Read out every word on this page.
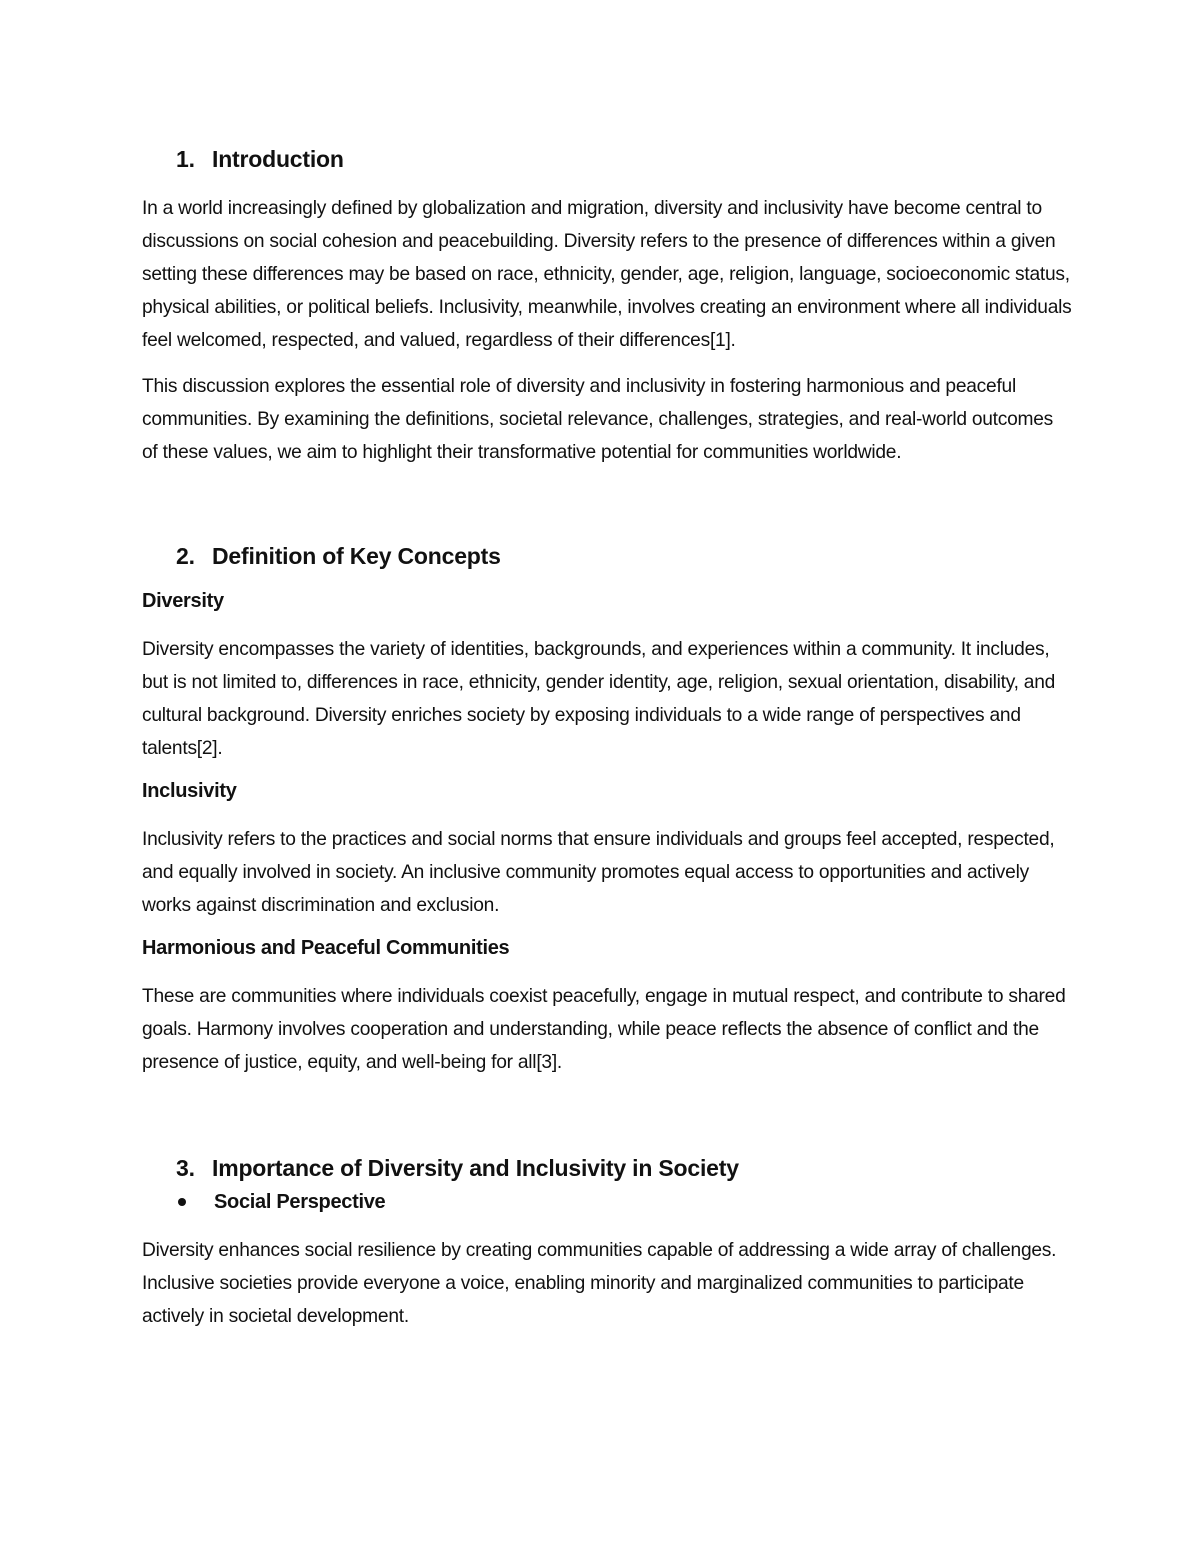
1. Introduction

In a world increasingly defined by globalization and migration, diversity and inclusivity have become central to discussions on social cohesion and peacebuilding. Diversity refers to the presence of differences within a given setting these differences may be based on race, ethnicity, gender, age, religion, language, socioeconomic status, physical abilities, or political beliefs. Inclusivity, meanwhile, involves creating an environment where all individuals feel welcomed, respected, and valued, regardless of their differences[1].

This discussion explores the essential role of diversity and inclusivity in fostering harmonious and peaceful communities. By examining the definitions, societal relevance, challenges, strategies, and real-world outcomes of these values, we aim to highlight their transformative potential for communities worldwide.

2. Definition of Key Concepts
Diversity

Diversity encompasses the variety of identities, backgrounds, and experiences within a community. It includes, but is not limited to, differences in race, ethnicity, gender identity, age, religion, sexual orientation, disability, and cultural background. Diversity enriches society by exposing individuals to a wide range of perspectives and talents[2].

Inclusivity

Inclusivity refers to the practices and social norms that ensure individuals and groups feel accepted, respected, and equally involved in society. An inclusive community promotes equal access to opportunities and actively works against discrimination and exclusion.

Harmonious and Peaceful Communities

These are communities where individuals coexist peacefully, engage in mutual respect, and contribute to shared goals. Harmony involves cooperation and understanding, while peace reflects the absence of conflict and the presence of justice, equity, and well-being for all[3].

3. Importance of Diversity and Inclusivity in Society
Social Perspective

Diversity enhances social resilience by creating communities capable of addressing a wide array of challenges. Inclusive societies provide everyone a voice, enabling minority and marginalized communities to participate actively in societal development.
